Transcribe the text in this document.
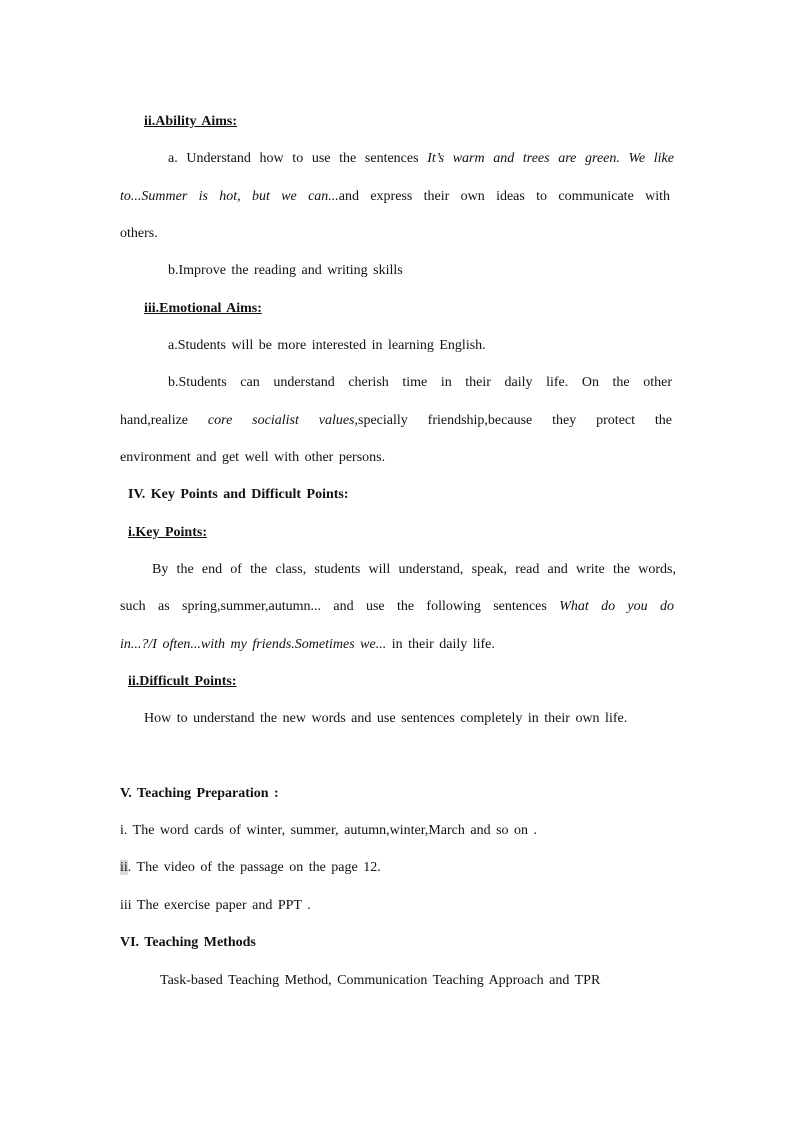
ii.Ability Aims:
a. Understand how to use the sentences It’s warm and trees are green. We like
to...Summer is hot, but we can...and express their own ideas to communicate with
others.
b.Improve the reading and writing skills
iii.Emotional Aims:
a.Students will be more interested in learning English.
b.Students can understand cherish time in their daily life. On the other
hand,realize core socialist values,specially friendship,because they protect the
environment and get well with other persons.
IV. Key Points and Difficult Points:
i.Key Points:
By the end of the class, students will understand, speak, read and write the words,
such as spring,summer,autumn... and use the following sentences What do you do
in...?/I often...with my friends.Sometimes we... in their daily life.
ii.Difficult Points:
How to understand the new words and use sentences completely in their own life.
V. Teaching Preparation :
i. The word cards of winter, summer, autumn,winter,March and so on .
ii. The video of the passage on the page 12.
iii The exercise paper and PPT .
VI. Teaching Methods
Task-based Teaching Method, Communication Teaching Approach and TPR
